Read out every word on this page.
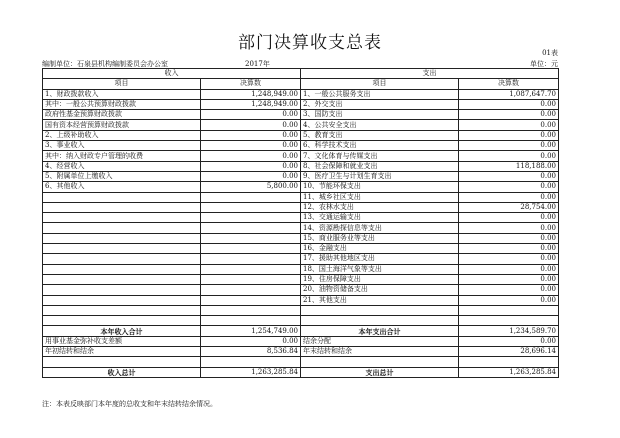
部门决算收支总表	01表
编制单位：石泉县机构编制委员会办公室	2017年	单位：元
收入		支出	
项目	决算数	项目	决算数
1、财政拨款收入	1,248,949.00	1、一般公共服务支出	1,087,647.70
其中：一般公共预算财政拨款	1,248,949.00	2、外交支出	0.00
政府性基金预算财政拨款	0.00	3、国防支出	0.00
国有资本经营预算财政拨款	0.00	4、公共安全支出	0.00
2、上级补助收入	0.00	5、教育支出	0.00
3、事业收入	0.00	6、科学技术支出	0.00
其中：纳入财政专户管理的收费	0.00	7、文化体育与传媒支出	0.00
4、经营收入	0.00	8、社会保障和就业支出	118,188.00
5、附属单位上缴收入	0.00	9、医疗卫生与计划生育支出	0.00
6、其他收入	5,800.00	10、节能环保支出	0.00
		11、城乡社区支出	0.00
		12、农林水支出	28,754.00
		13、交通运输支出	0.00
		14、资源勘探信息等支出	0.00
		15、商业服务业等支出	0.00
		16、金融支出	0.00
		17、援助其他地区支出	0.00
		18、国土海洋气象等支出	0.00
		19、住房保障支出	0.00
		20、油物资储备支出	0.00
		21、其他支出	0.00

本年收入合计	1,254,749.00	本年支出合计	1,234,589.70
用事业基金弥补收支差额	0.00	结余分配	0.00
年初结转和结余	8,536.84	年末结转和结余	28,696.14

收入总计	1,263,285.84	支出总计	1,263,285.84
注：本表反映部门本年度的总收支和年末结转结余情况。
